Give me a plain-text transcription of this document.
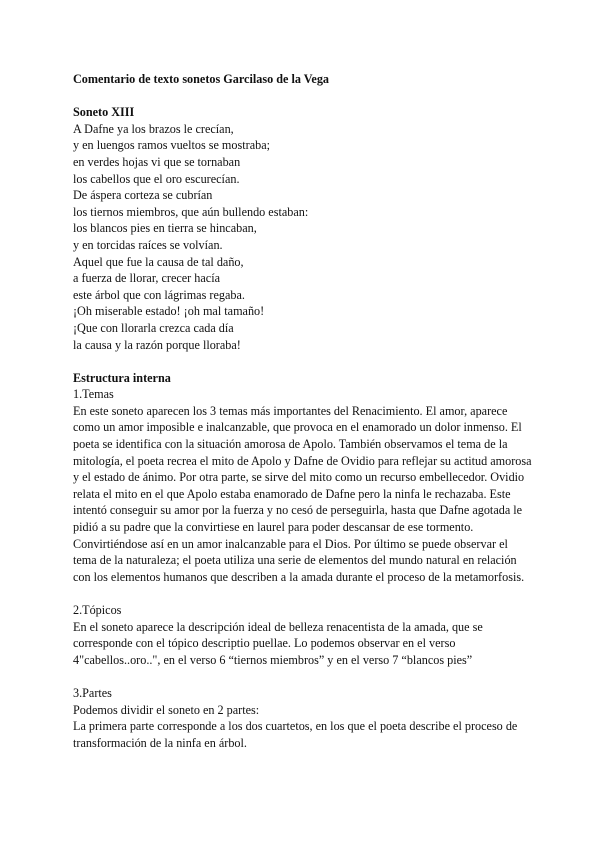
Comentario de texto sonetos Garcilaso de la Vega

Soneto XIII

A Dafne ya los brazos le crecían,

y en luengos ramos vueltos se mostraba;

en verdes hojas vi que se tornaban

los cabellos que el oro escurecían.

De áspera corteza se cubrían

los tiernos miembros, que aún bullendo estaban:

los blancos pies en tierra se hincaban,

y en torcidas raíces se volvían.

Aquel que fue la causa de tal daño,

a fuerza de llorar, crecer hacía

este árbol que con lágrimas regaba.

¡Oh miserable estado! ¡oh mal tamaño!

¡Que con llorarla crezca cada día

la causa y la razón porque lloraba!

Estructura interna

1.Temas

En este soneto aparecen los 3 temas más importantes del Renacimiento. El amor, aparece como un amor imposible e inalcanzable, que provoca en el enamorado un dolor inmenso. El poeta se identifica con la situación amorosa de Apolo. También observamos el tema de la mitología, el poeta recrea el mito de Apolo y Dafne de Ovidio para reflejar su actitud amorosa y el estado de ánimo. Por otra parte, se sirve del mito como un recurso embellecedor. Ovidio relata el mito en el que Apolo estaba enamorado de Dafne pero la ninfa le rechazaba. Este intentó conseguir su amor por la fuerza y no cesó de perseguirla, hasta que Dafne agotada le pidió a su padre que la convirtiese en laurel para poder descansar de ese tormento. Convirtiéndose así en un amor inalcanzable para el Dios. Por último se puede observar el tema de la naturaleza; el poeta utiliza una serie de elementos del mundo natural en relación con los elementos humanos que describen a la amada durante el proceso de la metamorfosis.

2.Tópicos

En el soneto aparece la descripción ideal de belleza renacentista de la amada, que se corresponde con el tópico descriptio puellae. Lo podemos observar en el verso 4"cabellos..oro..", en el verso 6 “tiernos miembros” y en el verso 7 “blancos pies”

3.Partes

Podemos dividir el soneto en 2 partes:

La primera parte corresponde a los dos cuartetos, en los que el poeta describe el proceso de transformación de la ninfa en árbol.
